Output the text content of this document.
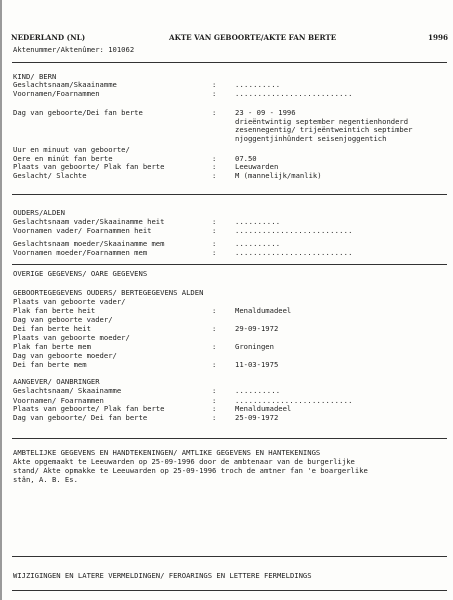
NEDERLAND (NL)	AKTE VAN GEBOORTE/AKTE FAN BERTE	1996
Aktenummer/Aktenûmer: 101062
KIND/ BERN
Geslachtsnaam/Skaainamme	:	..........
Voornamen/Foarnammen	:	..........................
Dag van geboorte/Dei fan berte	:	23 - 09 - 1996
drieëntwintig september negentienhonderd
zesennegentig/ trijeëntweintich septimber
njoggentjinhûndert seisenjoggentich
Uur en minuut van geboorte/
Oere en minút fan berte	:	07.50
Plaats van geboorte/ Plak fan berte	:	Leeuwarden
Geslacht/ Slachte	:	M (mannelijk/manlik)
OUDERS/ALDEN
Geslachtsnaam vader/Skaainamme heit	:	..........
Voornamen vader/ Foarnammen heit	:	..........................
Geslachtsnaam moeder/Skaainamme mem	:	..........
Voornamen moeder/Foarnammen mem	:	..........................
OVERIGE GEGEVENS/ OARE GEGEVENS
GEBOORTEGEGEVENS OUDERS/ BERTEGEGEVENS ALDEN
Plaats van geboorte vader/
Plak fan berte heit	:	Menaldumadeel
Dag van geboorte vader/
Dei fan berte heit	:	29-09-1972
Plaats van geboorte moeder/
Plak fan berte mem	:	Groningen
Dag van geboorte moeder/
Dei fan berte mem	:	11-03-1975
AANGEVER/ OANBRINGER
Geslachtsnaam/ Skaainamme	:	..........
Voornamen/ Foarnammen	:	..........................
Plaats van geboorte/ Plak fan berte	:	Menaldumadeel
Dag van geboorte/ Dei fan berte	:	25-09-1972
AMBTELIJKE GEGEVENS EN HANDTEKENINGEN/ AMTLIKE GEGEVENS EN HANTEKENINGS
Akte opgemaakt te Leeuwarden op 25-09-1996 door de ambtenaar van de burgerlijke
stand/ Akte opmakke te Leeuwarden op 25-09-1996 troch de amtner fan 'e boargerlike
stân, A. B. Es.
WIJZIGINGEN EN LATERE VERMELDINGEN/ FEROARINGS EN LETTERE FERMELDINGS
